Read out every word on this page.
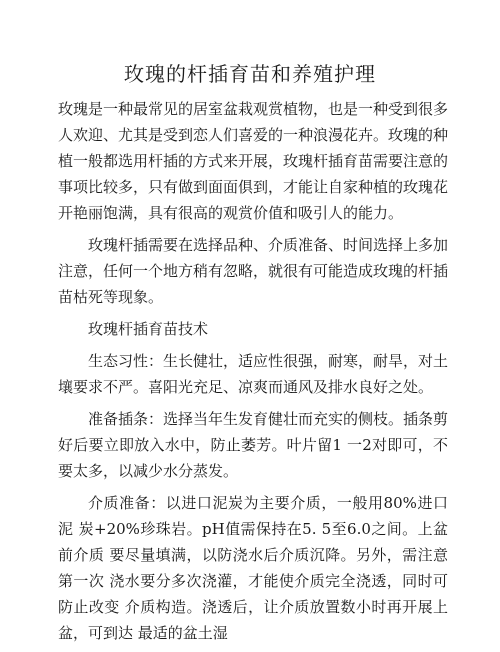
玫瑰的杆插育苗和养殖护理

玫瑰是一种最常见的居室盆栽观赏植物，也是一种受到很多 人欢迎、尤其是受到恋人们喜爱的一种浪漫花卉。玫瑰的种 植一般都选用杆插的方式来开展，玫瑰杆插育苗需要注意的 事项比较多，只有做到面面俱到，才能让自家种植的玫瑰花 开艳丽饱满，具有很高的观赏价值和吸引人的能力。

玫瑰杆插需要在选择品种、介质准备、时间选择上多加 注意，任何一个地方稍有忽略，就很有可能造成玫瑰的杆插 苗枯死等现象。

玫瑰杆插育苗技术

生态习性：生长健壮，适应性很强，耐寒，耐旱，对土 壤要求不严。喜阳光充足、凉爽而通风及排水良好之处。

准备插条：选择当年生发育健壮而充实的侧枝。插条剪 好后要立即放入水中，防止萎芳。叶片留1 一2对即可，不 要太多，以减少水分蒸发。

介质准备：以进口泥炭为主要介质，一般用80%进口泥 炭+20%珍珠岩。pH值需保持在5. 5至6.0之间。上盆前介质 要尽量填满，以防浇水后介质沉降。另外，需注意第一次 浇水要分多次浇灌，才能使介质完全浇透，同时可防止改变 介质构造。浇透后，让介质放置数小时再开展上盆，可到达 最适的盆土湿
